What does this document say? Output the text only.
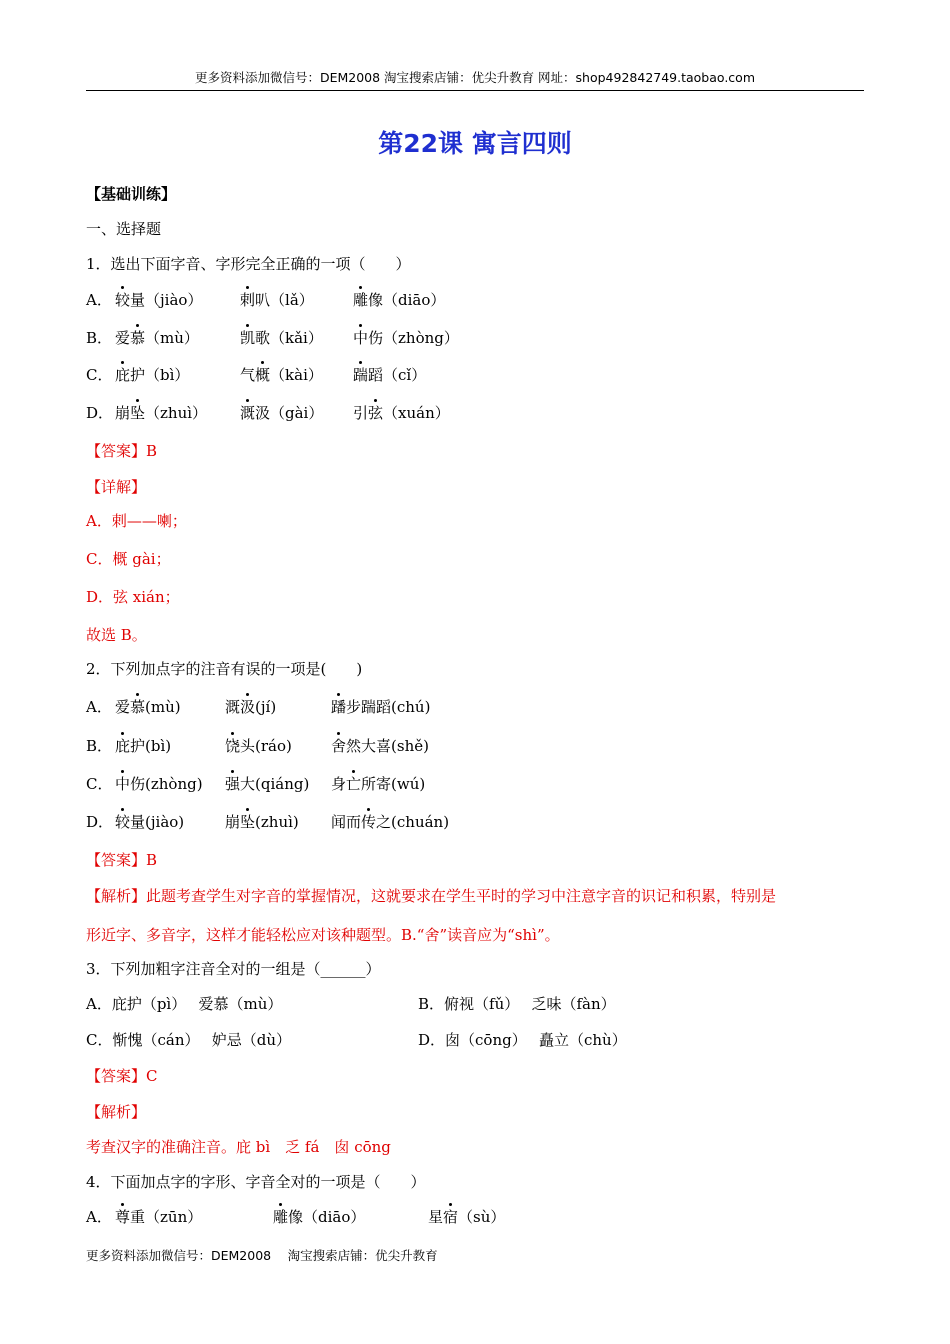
更多资料添加微信号：DEM2008 淘宝搜索店铺：优尖升教育 网址：shop492842749.taobao.com
第22课 寓言四则
【基础训练】
一、选择题
1．选出下面字音、字形完全正确的一项（　　）
A． 较量（jiào）	剌叭（lǎ）	雕像（diāo）
B． 爱慕（mù）	凯歌（kǎi） 中伤（zhòng）
C． 庇护（bì）	气概（kài） 踹蹈（cǐ）
D． 崩坠（zhuì） 溉汲（gài） 引弦（xuán）
【答案】B
【详解】
A．剌——喇；
C．概 gài；
D．弦 xián；
故选 B。
2．下列加点字的注音有误的一项是(　　)
A． 爱慕(mù)	溉汲(jí)	蹯步踹蹈(chú)
B． 庇护(bì)	饶头(ráo)	舍然大喜(shě)
C． 中伤(zhòng) 强大(qiáng) 身亡所寄(wú)
D． 较量(jiào)	崩坠(zhuì) 闻而传之(chuán)
【答案】B
【解析】此题考查学生对字音的掌握情况，这就要求在学生平时的学习中注意字音的识记和积累，特别是
形近字、多音字，这样才能轻松应对该种题型。B.“舍”读音应为“shì”。
3．下列加粗字注音全对的一组是（______）
A．庇护（pì）　 爱慕（mù）	B．俯视（fǔ）　 乏味（fàn）
C．惭愧（cán）　 妒忌（dù）	D．囱（cōng）　 矗立（chù）
【答案】C
【解析】
考查汉字的准确注音。庇 bì　乏 fá　囱 cōng
4．下面加点字的字形、字音全对的一项是（　　）
A． 尊重（zūn）	雕像（diāo）	星宿（sù）
更多资料添加微信号：DEM2008　 淘宝搜索店铺：优尖升教育
